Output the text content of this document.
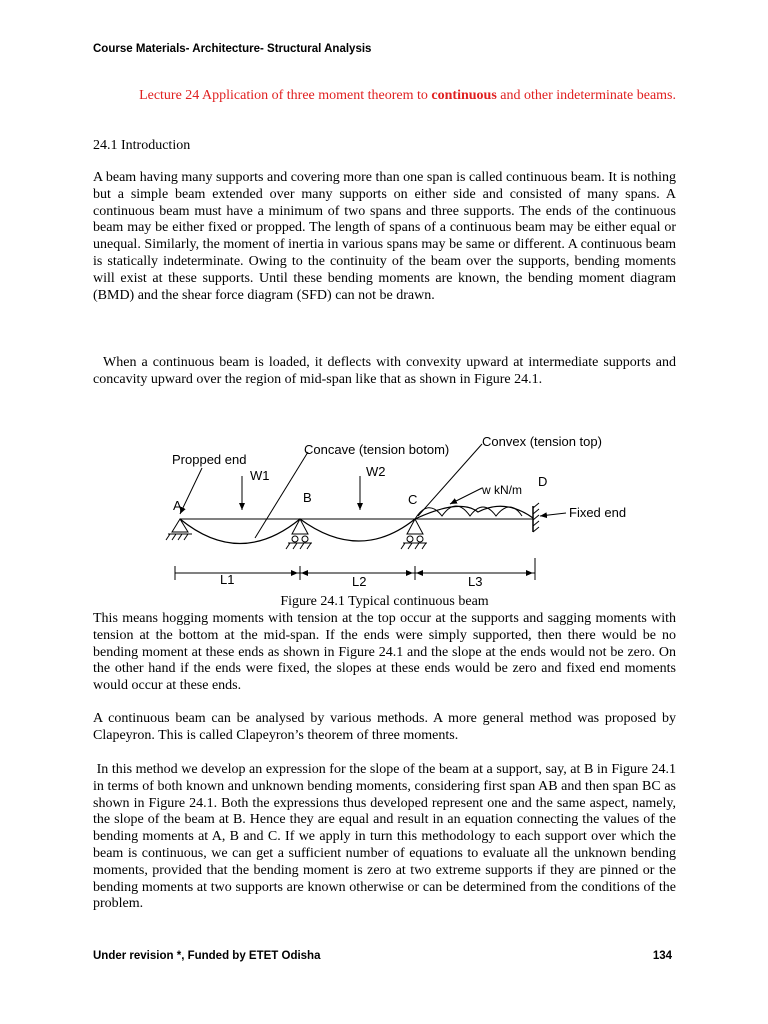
Course Materials- Architecture- Structural Analysis
Lecture 24 Application of three moment theorem to continuous and other indeterminate beams.
24.1 Introduction

A beam having many supports and covering more than one span is called continuous beam. It is nothing but a simple beam extended over many supports on either side and consisted of many spans. A continuous beam must have a minimum of two spans and three supports. The ends of the continuous beam may be either fixed or propped. The length of spans of a continuous beam may be either equal or unequal. Similarly, the moment of inertia in various spans may be same or different. A continuous beam is statically indeterminate. Owing to the continuity of the beam over the supports, bending moments will exist at these supports. Until these bending moments are known, the bending moment diagram (BMD) and the shear force diagram (SFD) can not be drawn.

When a continuous beam is loaded, it deflects with convexity upward at intermediate supports and concavity upward over the region of mid-span like that as shown in Figure 24.1.

Propped end
Concave (tension botom)
Convex (tension top)
W1	W2
B	C
D
A
w kN/m
Fixed end
L1	L2	L3
Figure 24.1 Typical continuous beam

This means hogging moments with tension at the top occur at the supports and sagging moments with tension at the bottom at the mid-span. If the ends were simply supported, then there would be no bending moment at these ends as shown in Figure 24.1 and the slope at the ends would not be zero. On the other hand if the ends were fixed, the slopes at these ends would be zero and fixed end moments would occur at these ends.

A continuous beam can be analysed by various methods. A more general method was proposed by Clapeyron. This is called Clapeyron’s theorem of three moments.

In this method we develop an expression for the slope of the beam at a support, say, at B in Figure 24.1 in terms of both known and unknown bending moments, considering first span AB and then span BC as shown in Figure 24.1. Both the expressions thus developed represent one and the same aspect, namely, the slope of the beam at B. Hence they are equal and result in an equation connecting the values of the bending moments at A, B and C. If we apply in turn this methodology to each support over which the beam is continuous, we can get a sufficient number of equations to evaluate all the unknown bending moments, provided that the bending moment is zero at two extreme supports if they are pinned or the bending moments at two supports are known otherwise or can be determined from the conditions of the problem.

Under revision *, Funded by ETET Odisha	134
